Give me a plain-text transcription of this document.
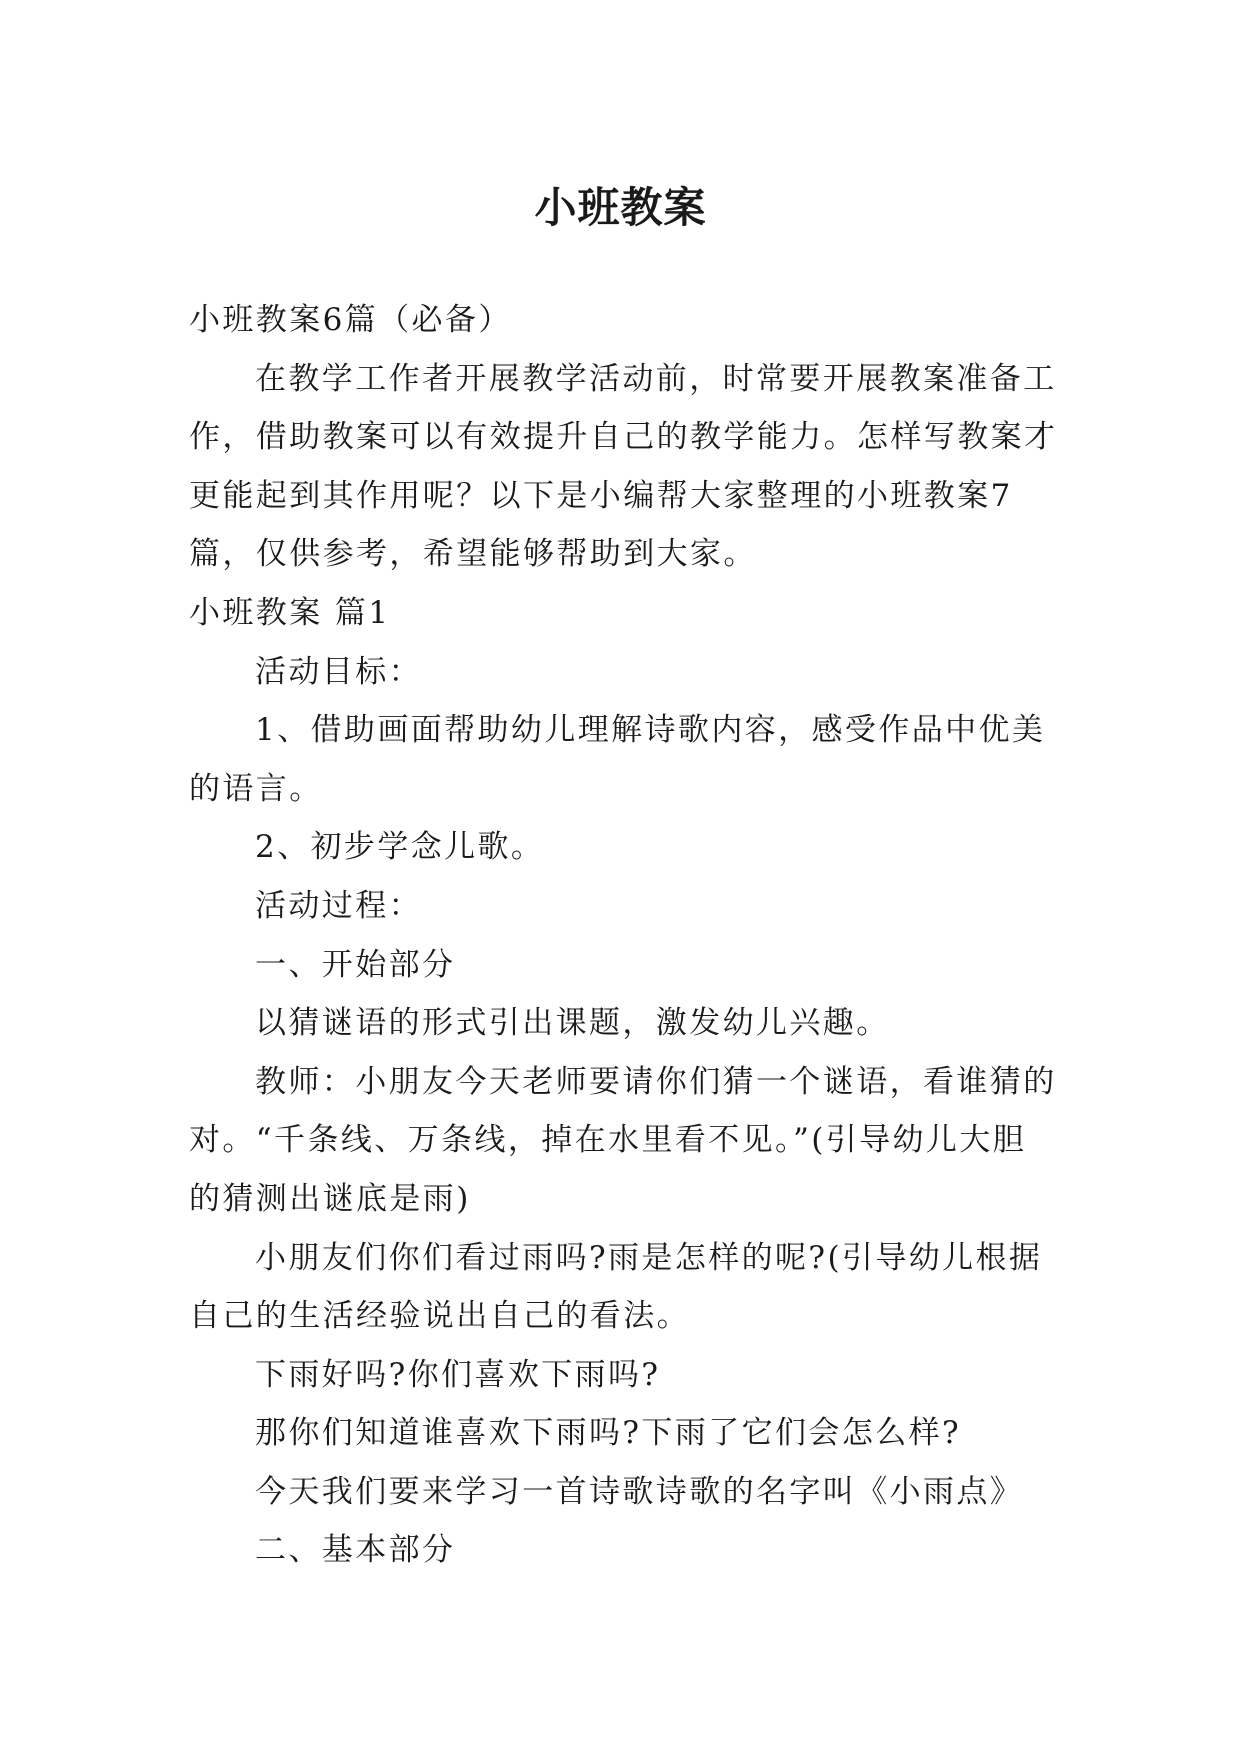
小班教案

小班教案6篇（必备）

在教学工作者开展教学活动前，时常要开展教案准备工作，借助教案可以有效提升自己的教学能力。怎样写教案才更能起到其作用呢？以下是小编帮大家整理的小班教案7篇，仅供参考，希望能够帮助到大家。

小班教案 篇1

活动目标：

1、借助画面帮助幼儿理解诗歌内容，感受作品中优美的语言。

2、初步学念儿歌。

活动过程：

一、开始部分

以猜谜语的形式引出课题，激发幼儿兴趣。

教师：小朋友今天老师要请你们猜一个谜语，看谁猜的对。“千条线、万条线，掉在水里看不见。”(引导幼儿大胆的猜测出谜底是雨)

小朋友们你们看过雨吗?雨是怎样的呢?(引导幼儿根据自己的生活经验说出自己的看法。

下雨好吗?你们喜欢下雨吗?

那你们知道谁喜欢下雨吗?下雨了它们会怎么样?

今天我们要来学习一首诗歌诗歌的名字叫《小雨点》

二、基本部分
